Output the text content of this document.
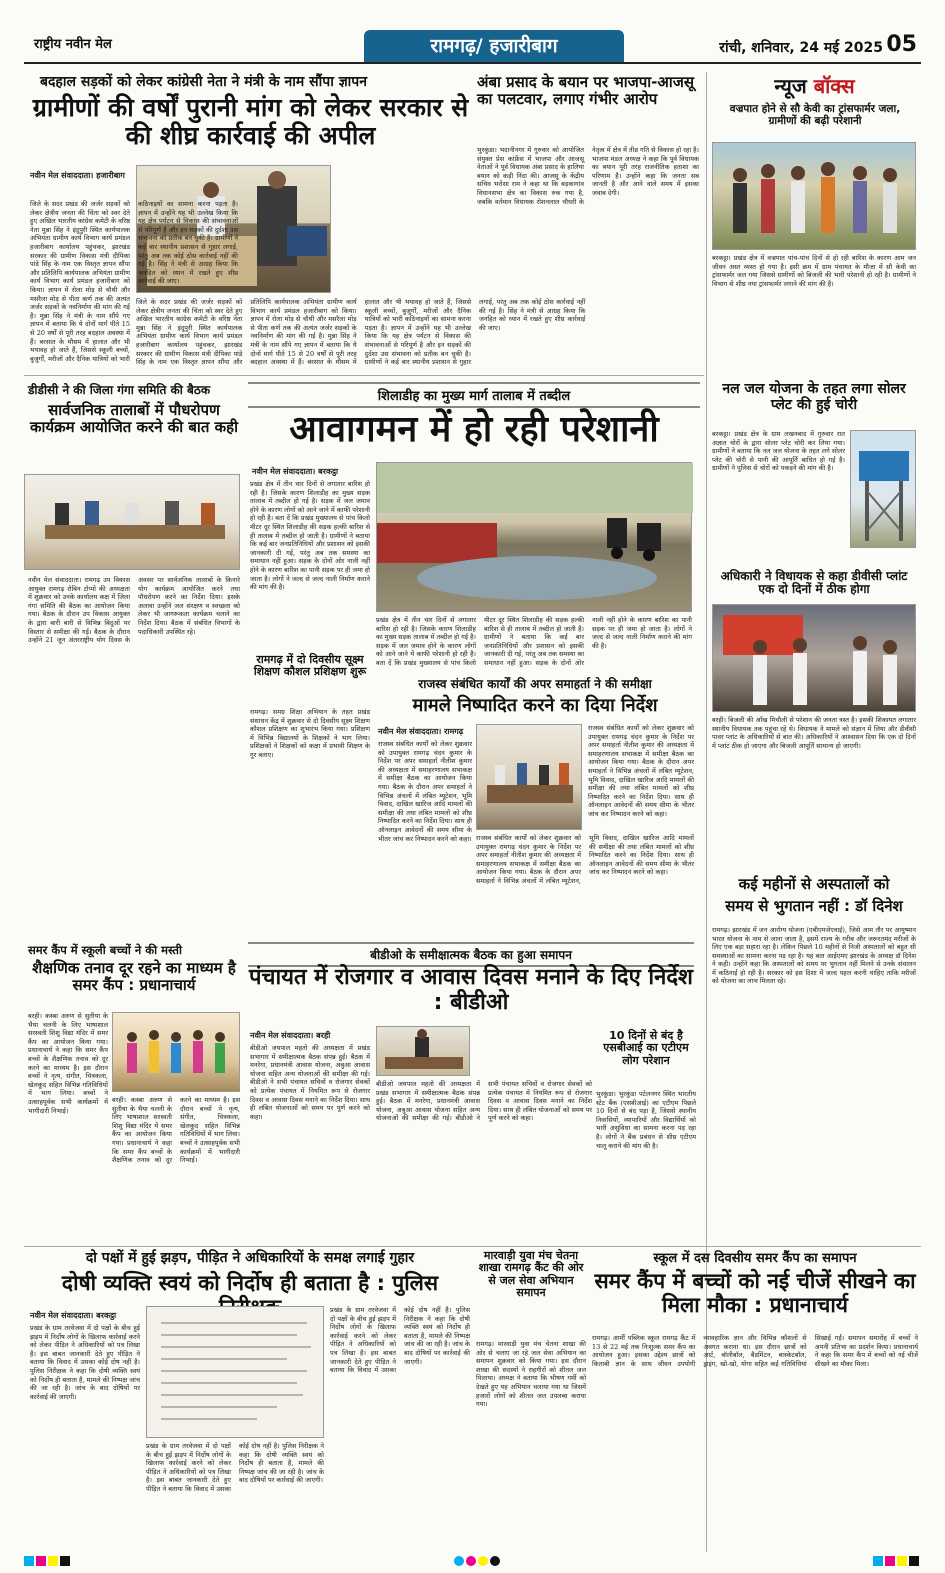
राष्ट्रीय नवीन मेल	रामगढ़/ हजारीबाग	रांची, शनिवार, 24 मई 2025 05
बदहाल सड़कों को लेकर कांग्रेसी नेता ने मंत्री के नाम सौंपा ज्ञापन
ग्रामीणों की वर्षों पुरानी मांग को लेकर सरकार से की शीघ्र कार्रवाई की अपील
नवीन मेल संवाददाता। हजारीबाग
जिले के सदर प्रखंड की जर्जर सड़कों को लेकर क्षेत्रीय जनता की चिंता को स्वर देते हुए अखिल भारतीय कांग्रेस कमेटी के वरिष्ठ नेता मुन्ना सिंह ने इंदुपुरी स्थित कार्यपालक अभियंता ग्रामीण कार्य विभाग कार्य प्रमंडल हजारीबाग कार्यालय पहुंचकर, झारखंड सरकार की ग्रामीण विकास मंत्री दीपिका पांडे सिंह के नाम एक विस्तृत ज्ञापन सौंपा और प्रतिलिपि कार्यपालक अभियंता ग्रामीण कार्य विभाग कार्य प्रमंडल हजारीबाग को किया। ज्ञापन में रोला मोड़ से चौथी और मसरैला मोड़ से पीता कर्ण तक की अत्यंत जर्जर सड़कों के नवनिर्माण की मांग की गई है। मुन्ना सिंह ने मंत्री के नाम सौंपे गए ज्ञापन में बताया कि ये दोनों मार्ग पीते 15 से 20 वर्षों से पूरी तरह बदहाल अवस्था में हैं। बरसात के मौसम में हालात और भी भयावह हो जाते हैं, जिससे स्कूली बच्चों, बुजुर्गों, मरीजों और दैनिक यात्रियों को भारी
जिले के सदर प्रखंड की जर्जर सड़कों को लेकर क्षेत्रीय जनता की चिंता को स्वर देते हुए अखिल भारतीय कांग्रेस कमेटी के वरिष्ठ नेता मुन्ना सिंह ने इंदुपुरी स्थित कार्यपालक अभियंता ग्रामीण कार्य विभाग कार्य प्रमंडल हजारीबाग कार्यालय पहुंचकर, झारखंड सरकार की ग्रामीण विकास मंत्री दीपिका पांडे सिंह के नाम एक विस्तृत ज्ञापन सौंपा और प्रतिलिपि कार्यपालक अभियंता ग्रामीण कार्य विभाग कार्य प्रमंडल हजारीबाग को किया। ज्ञापन में रोला मोड़ से चौथी और मसरैला मोड़ से पीता कर्ण तक की अत्यंत जर्जर सड़कों के नवनिर्माण की मांग की गई है। मुन्ना सिंह ने मंत्री के नाम सौंपे गए ज्ञापन में बताया कि ये दोनों मार्ग पीते 15 से 20 वर्षों से पूरी तरह बदहाल अवस्था में हैं। बरसात के मौसम में हालात और भी भयावह हो जाते हैं, जिससे स्कूली बच्चों, बुजुर्गों, मरीजों और दैनिक यात्रियों को भारी कठिनाइयों का सामना करना पड़ता है। ज्ञापन में उन्होंने यह भी उल्लेख किया कि यह क्षेत्र पर्यटन से विकास की संभावनाओं से परिपूर्ण है और इन सड़कों की दुर्दशा उस संभावना को प्रतीक बन चुकी है। ग्रामीणों ने कई बार स्थानीय प्रशासन से गुहार लगाई, परंतु अब तक कोई ठोस कार्रवाई नहीं की गई है। सिंह ने मंत्री से आग्रह किया कि जनहित को ध्यान में रखते हुए शीघ्र कार्रवाई की जाए।
अंबा प्रसाद के बयान पर भाजपा-आजसू का पलटवार, लगाए गंभीर आरोप
भुरकुंडा। भदानीनगर में गुरुवार को आयोजित संयुक्त प्रेस कांफ्रेंस में भाजपा और आजसू नेताओं ने पूर्व विधायक अंबा प्रसाद के हालिया बयान को कड़ी निंदा की। आजसू के केंद्रीय सचिव भरोसा राम ने कहा था कि बड़कागांव विधानसभा क्षेत्र का विकास रुक गया है, जबकि वर्तमान विधायक रोशनलाल चौधरी के नेतृत्व में क्षेत्र में तीव्र गति से विकास हो रहा है। भाजपा मंडल अध्यक्ष ने कहा कि पूर्व विधायक का बयान पूरी तरह राजनीतिक हताशा का परिणाम है। उन्होंने कहा कि जनता सब जानती है और आने वाले समय में इसका जवाब देगी।
न्यूज बॉक्स
वज्रपात होने से सौ केवी का ट्रांसफार्मर जला, ग्रामीणों की बढ़ी परेशानी
बरकट्ठा। प्रखंड क्षेत्र में वज्रपात पांच-पांच दिनों से हो रही बारिश के कारण आम जन जीवन अस्त व्यस्त हो गया है। इसी क्रम में ग्राम पंचायत के मौजा में सौ केवी का ट्रांसफार्मर जल गया जिससे ग्रामीणों को बिजली की भारी परेशानी हो रही है। ग्रामीणों ने विभाग से शीघ्र नया ट्रांसफार्मर लगाने की मांग की है।
नल जल योजना के तहत लगा सोलर प्लेट की हुई चोरी
बरकट्ठा। प्रखंड क्षेत्र के ग्राम लखनबाद में गुरुवार रात अज्ञात चोरों के द्वारा सोलर प्लेट चोरी कर लिया गया। ग्रामीणों ने बताया कि नल जल योजना के तहत लगे सोलर प्लेट की चोरी से पानी की आपूर्ति बाधित हो गई है। ग्रामीणों ने पुलिस से चोरों को पकड़ने की मांग की है।
अधिकारी ने विधायक से कहा डीवीसी प्लांट एक दो दिनों में ठीक होगा
बरही। बिजली की आँख मिचौली से परेशान की जनता त्रस्त है। इसकी शिकायत लगातार स्थानीय विधायक तक पहुंचा रहे थे। विधायक ने मामले को संज्ञान में लिया और डीवीसी पावर प्लांट के अधिकारियों से बात की। अधिकारियों ने आश्वासन दिया कि एक दो दिनों में प्लांट ठीक हो जाएगा और बिजली आपूर्ति सामान्य हो जाएगी।
कई महीनों से अस्पतालों को
समय से भुगतान नहीं : डॉ दिनेश
रामगढ़। झारखंड में जन आरोग्य योजना (एबीएमजेएवाई), जिसे आम तौर पर आयुष्मान भारत योजना के नाम से जाना जाता है, इसमें राज्य के गरीब और जरूरतमंद मरीजों के लिए एक बड़ा सहारा रहा है। लेकिन पिछले 10 महीनों से निजी अस्पतालों को बहुत सी समस्याओं का सामना करना पड़ रहा है। यह बात आईएमए झारखंड के अध्यक्ष डॉ दिनेश ने कही। उन्होंने कहा कि अस्पतालों को समय पर भुगतान नहीं मिलने से उनके संचालन में कठिनाई हो रही है। सरकार को इस दिशा में जल्द पहल करनी चाहिए ताकि मरीजों को योजना का लाभ मिलता रहे।
डीडीसी ने की जिला गंगा समिति की बैठक
सार्वजनिक तालाबों में पौधरोपण कार्यक्रम आयोजित करने की बात कही
नवीन मेल संवाददाता। रामगढ़ उप विकास आयुक्त रामगढ़ रोबिन टोप्पो की अध्यक्षता में शुक्रवार को उनके कार्यालय कक्ष में जिला गंगा समिति की बैठक का आयोजन किया गया। बैठक के दौरान उप विकास आयुक्त के द्वारा बारी बारी से विभिन्न बिंदुओं पर विस्तार से समीक्षा की गई। बैठक के दौरान उन्होंने 21 जून अंतरराष्ट्रीय योग दिवस के अवसर पर सार्वजनिक तालाबों के किनारे योग कार्यक्रम आयोजित करने तथा पौधरोपण करने का निर्देश दिया। इसके अलावा उन्होंने जल संरक्षण व स्वच्छता को लेकर भी जागरूकता कार्यक्रम चलाने का निर्देश दिया। बैठक में संबंधित विभागों के पदाधिकारी उपस्थित रहे।
शिलाडीह का मुख्य मार्ग तालाब में तब्दील
आवागमन में हो रही परेशानी
नवीन मेल संवाददाता। बरकट्ठा
प्रखंड क्षेत्र में तीन चार दिनों से लगातार बारिश हो रही है। जिसके कारण शिलाडीह का मुख्य सड़क तालाब में तब्दील हो गई है। सड़क में जल जमाव होने के कारण लोगों को आने जाने में काफी परेशानी हो रही है। बता दें कि प्रखंड मुख्यालय से पांच किलो मीटर दूर स्थित शिलाडीह की सड़क हल्की बारिश से ही तालाब में तब्दील हो जाती है। ग्रामीणों ने बताया कि कई बार जनप्रतिनिधियों और प्रशासन को इसकी जानकारी दी गई, परंतु अब तक समस्या का समाधान नहीं हुआ। सड़क के दोनों ओर नाली नहीं होने के कारण बारिश का पानी सड़क पर ही जमा हो जाता है। लोगों ने जल्द से जल्द नाली निर्माण कराने की मांग की है।
प्रखंड क्षेत्र में तीन चार दिनों से लगातार बारिश हो रही है। जिसके कारण शिलाडीह का मुख्य सड़क तालाब में तब्दील हो गई है। सड़क में जल जमाव होने के कारण लोगों को आने जाने में काफी परेशानी हो रही है। बता दें कि प्रखंड मुख्यालय से पांच किलो मीटर दूर स्थित शिलाडीह की सड़क हल्की बारिश से ही तालाब में तब्दील हो जाती है। ग्रामीणों ने बताया कि कई बार जनप्रतिनिधियों और प्रशासन को इसकी जानकारी दी गई, परंतु अब तक समस्या का समाधान नहीं हुआ। सड़क के दोनों ओर नाली नहीं होने के कारण बारिश का पानी सड़क पर ही जमा हो जाता है। लोगों ने जल्द से जल्द नाली निर्माण कराने की मांग की है।
रामगढ़ में दो दिवसीय सूक्ष्म शिक्षण कौशल प्रशिक्षण शुरू
रामगढ़। समग्र शिक्षा अभियान के तहत प्रखंड संसाधन केंद्र में शुक्रवार से दो दिवसीय सूक्ष्म शिक्षण कौशल प्रशिक्षण का शुभारंभ किया गया। प्रशिक्षण में विभिन्न विद्यालयों के शिक्षकों ने भाग लिया। प्रशिक्षकों ने शिक्षकों को कक्षा में प्रभावी शिक्षण के गुर बताए।
राजस्व संबंधित कार्यों की अपर समाहर्ता ने की समीक्षा
मामले निष्पादित करने का दिया निर्देश
नवीन मेल संवाददाता। रामगढ़
राजस्व संबंधित कार्यों को लेकर शुक्रवार को उपायुक्त रामगढ़ चंदन कुमार के निर्देश पर अपर समाहर्ता नीतीश कुमार की अध्यक्षता में समाहरणालय सभाकक्ष में समीक्षा बैठक का आयोजन किया गया। बैठक के दौरान अपर समाहर्ता ने विभिन्न अंचलों में लंबित म्यूटेशन, भूमि विवाद, दाखिल खारिज आदि मामलों की समीक्षा की तथा लंबित मामलों को शीघ्र निष्पादित करने का निर्देश दिया। साथ ही ऑनलाइन आवेदनों की समय सीमा के भीतर जांच कर निष्पादन करने को कहा। राजस्व संबंधित कार्यों को लेकर शुक्रवार को उपायुक्त रामगढ़ चंदन कुमार के निर्देश पर अपर समाहर्ता नीतीश कुमार की अध्यक्षता में समाहरणालय सभाकक्ष में समीक्षा बैठक का आयोजन किया गया। बैठक के दौरान अपर समाहर्ता ने विभिन्न अंचलों में लंबित म्यूटेशन, भूमि विवाद, दाखिल खारिज आदि मामलों की समीक्षा की तथा लंबित मामलों को शीघ्र निष्पादित करने का निर्देश दिया। साथ ही ऑनलाइन आवेदनों की समय सीमा के भीतर जांच कर निष्पादन करने को कहा।
राजस्व संबंधित कार्यों को लेकर शुक्रवार को उपायुक्त रामगढ़ चंदन कुमार के निर्देश पर अपर समाहर्ता नीतीश कुमार की अध्यक्षता में समाहरणालय सभाकक्ष में समीक्षा बैठक का आयोजन किया गया। बैठक के दौरान अपर समाहर्ता ने विभिन्न अंचलों में लंबित म्यूटेशन, भूमि विवाद, दाखिल खारिज आदि मामलों की समीक्षा की तथा लंबित मामलों को शीघ्र निष्पादित करने का निर्देश दिया। साथ ही ऑनलाइन आवेदनों की समय सीमा के भीतर जांच कर निष्पादन करने को कहा।
समर कैंप में स्कूली बच्चों ने की मस्ती
शैक्षणिक तनाव दूर रहने का माध्यम है समर कैंप : प्रधानाचार्य
बरही। कस्बा अरुण से सुतीया के भैया चलनी के लिए भाषाशाल सरस्वती शिशु विद्या मंदिर में समर कैंप का आयोजन किया गया। प्रधानाचार्य ने कहा कि समर कैंप बच्चों के शैक्षणिक तनाव को दूर करने का माध्यम है। इस दौरान बच्चों ने नृत्य, संगीत, चित्रकला, खेलकूद सहित विभिन्न गतिविधियों में भाग लिया। बच्चों ने उत्साहपूर्वक सभी कार्यक्रमों में भागीदारी निभाई।
बरही। कस्बा अरुण से सुतीया के भैया चलनी के लिए भाषाशाल सरस्वती शिशु विद्या मंदिर में समर कैंप का आयोजन किया गया। प्रधानाचार्य ने कहा कि समर कैंप बच्चों के शैक्षणिक तनाव को दूर करने का माध्यम है। इस दौरान बच्चों ने नृत्य, संगीत, चित्रकला, खेलकूद सहित विभिन्न गतिविधियों में भाग लिया। बच्चों ने उत्साहपूर्वक सभी कार्यक्रमों में भागीदारी निभाई।
बीडीओ के समीक्षात्मक बैठक का हुआ समापन
पंचायत में रोजगार व आवास दिवस मनाने के दिए निर्देश : बीडीओ
नवीन मेल संवाददाता। बरही
बीडीओ जयपाल महतो की अध्यक्षता में प्रखंड सभागार में समीक्षात्मक बैठक संपन्न हुई। बैठक में मनरेगा, प्रधानमंत्री आवास योजना, अबुआ आवास योजना सहित अन्य योजनाओं की समीक्षा की गई। बीडीओ ने सभी पंचायत सचिवों व रोजगार सेवकों को प्रत्येक पंचायत में नियमित रूप से रोजगार दिवस व आवास दिवस मनाने का निर्देश दिया। साथ ही लंबित योजनाओं को समय पर पूर्ण करने को कहा।
बीडीओ जयपाल महतो की अध्यक्षता में प्रखंड सभागार में समीक्षात्मक बैठक संपन्न हुई। बैठक में मनरेगा, प्रधानमंत्री आवास योजना, अबुआ आवास योजना सहित अन्य योजनाओं की समीक्षा की गई। बीडीओ ने सभी पंचायत सचिवों व रोजगार सेवकों को प्रत्येक पंचायत में नियमित रूप से रोजगार दिवस व आवास दिवस मनाने का निर्देश दिया। साथ ही लंबित योजनाओं को समय पर पूर्ण करने को कहा।
10 दिनों से बंद है एसबीआई का एटीएम लोग परेशान
भुरकुंडा। भुरकुंडा पटेलनगर स्थित भारतीय स्टेट बैंक (एसबीआई) का एटीएम पिछले 10 दिनों से बंद पड़ा है, जिससे स्थानीय निवासियों, व्यापारियों और विद्यार्थियों को भारी असुविधा का सामना करना पड़ रहा है। लोगों ने बैंक प्रबंधन से शीघ्र एटीएम चालू कराने की मांग की है।
दो पक्षों में हुई झड़प, पीड़ित ने अधिकारियों के समक्ष लगाई गुहार
दोषी व्यक्ति स्वयं को निर्दोष ही बताता है : पुलिस
नवीन मेल संवाददाता। बरकट्ठा
प्रखंड के ग्राम तरवेजवा में दो पक्षों के बीच हुई झड़प में निर्दोष लोगों के खिलाफ कार्रवाई करने को लेकर पीड़ित ने अधिकारियों को पत्र लिखा है। इस बाबत जानकारी देते हुए पीड़ित ने बताया कि विवाद में उसका कोई दोष नहीं है। पुलिस निरीक्षक ने कहा कि दोषी व्यक्ति स्वयं को निर्दोष ही बताता है, मामले की निष्पक्ष जांच की जा रही है। जांच के बाद दोषियों पर कार्रवाई की जाएगी।
प्रखंड के ग्राम तरवेजवा में दो पक्षों के बीच हुई झड़प में निर्दोष लोगों के खिलाफ कार्रवाई करने को लेकर पीड़ित ने अधिकारियों को पत्र लिखा है। इस बाबत जानकारी देते हुए पीड़ित ने बताया कि विवाद में उसका कोई दोष नहीं है। पुलिस निरीक्षक ने कहा कि दोषी व्यक्ति स्वयं को निर्दोष ही बताता है, मामले की निष्पक्ष जांच की जा रही है। जांच के बाद दोषियों पर कार्रवाई की जाएगी।
प्रखंड के ग्राम तरवेजवा में दो पक्षों के बीच हुई झड़प में निर्दोष लोगों के खिलाफ कार्रवाई करने को लेकर पीड़ित ने अधिकारियों को पत्र लिखा है। इस बाबत जानकारी देते हुए पीड़ित ने बताया कि विवाद में उसका कोई दोष नहीं है। पुलिस निरीक्षक ने कहा कि दोषी व्यक्ति स्वयं को निर्दोष ही बताता है, मामले की निष्पक्ष जांच की जा रही है। जांच के बाद दोषियों पर कार्रवाई की जाएगी।
मारवाड़ी युवा मंच चेतना शाखा रामगढ़ कैंट की ओर से जल सेवा अभियान समापन
रामगढ़। मारवाड़ी युवा मंच चेतना शाखा की ओर से चलाए जा रहे जल सेवा अभियान का समापन शुक्रवार को किया गया। इस दौरान शाखा की सदस्यों ने राहगीरों को शीतल जल पिलाया। अध्यक्ष ने बताया कि भीषण गर्मी को देखते हुए यह अभियान चलाया गया था जिसमें हजारों लोगों को शीतल जल उपलब्ध कराया गया।
स्कूल में दस दिवसीय समर कैंप का समापन
समर कैंप में बच्चों को नई चीजें सीखने का मिला मौका : प्रधानाचार्य
रामगढ़। आर्मी पब्लिक स्कूल रामगढ़ कैंट में 13 से 22 मई तक निःशुल्क समर कैंप का आयोजन हुआ। इसका उद्देश्य छात्रों को किताबी ज्ञान के साथ जीवन उपयोगी व्यावहारिक ज्ञान और विभिन्न कौशलों से अवगत कराना था। इस दौरान छात्रों को आर्ट, बॉलीबॉल, बैडमिंटन, बास्केटबॉल, ड्राइंग, खो-खो, योगा सहित कई गतिविधियां सिखाई गईं। समापन समारोह में बच्चों ने अपनी प्रतिभा का प्रदर्शन किया। प्रधानाचार्य ने कहा कि समर कैंप में बच्चों को नई चीजें सीखने का मौका मिला।
